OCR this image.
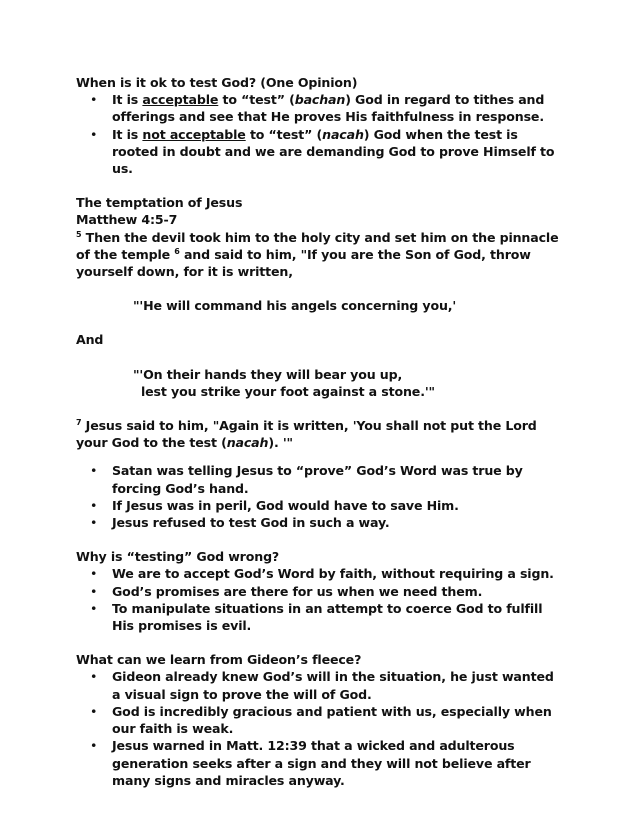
When is it ok to test God? (One Opinion)

• It is acceptable to “test” (bachan) God in regard to tithes and offerings and see that He proves His faithfulness in response.
• It is not acceptable to “test” (nacah) God when the test is rooted in doubt and we are demanding God to prove Himself to us.

The temptation of Jesus

Matthew 4:5-7

$^5$ Then the devil took him to the holy city and set him on the pinnacle of the temple $^6$ and said to him, "If you are the Son of God, throw yourself down, for it is written,

"'He will command his angels concerning you,'

And

"'On their hands they will bear you up,

lest you strike your foot against a stone.'"

$^7$ Jesus said to him, "Again it is written, 'You shall not put the Lord your God to the test (nacah). '"

• Satan was telling Jesus to “prove” God’s Word was true by forcing God’s hand.
• If Jesus was in peril, God would have to save Him.
• Jesus refused to test God in such a way.

Why is “testing” God wrong?

• We are to accept God’s Word by faith, without requiring a sign.
• God’s promises are there for us when we need them.
• To manipulate situations in an attempt to coerce God to fulfill His promises is evil.

What can we learn from Gideon’s fleece?

• Gideon already knew God’s will in the situation, he just wanted a visual sign to prove the will of God.
• God is incredibly gracious and patient with us, especially when our faith is weak.
• Jesus warned in Matt. 12:39 that a wicked and adulterous generation seeks after a sign and they will not believe after many signs and miracles anyway.
